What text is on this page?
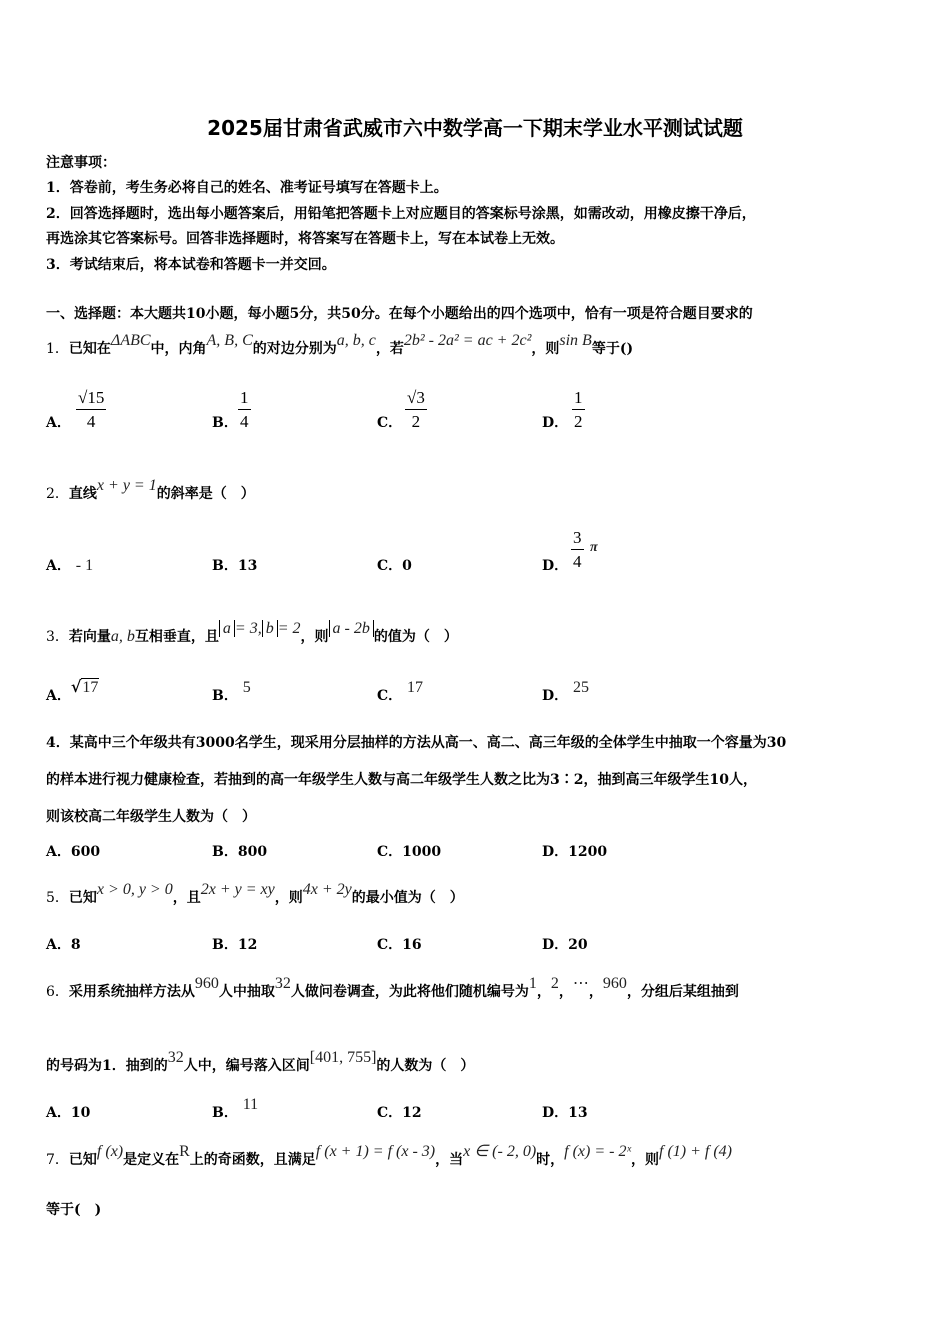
2025届甘肃省武威市六中数学高一下期末学业水平测试试题
注意事项：
1．答卷前，考生务必将自己的姓名、准考证号填写在答题卡上。
2．回答选择题时，选出每小题答案后，用铅笔把答题卡上对应题目的答案标号涂黑，如需改动，用橡皮擦干净后，
再选涂其它答案标号。回答非选择题时，将答案写在答题卡上，写在本试卷上无效。
3．考试结束后，将本试卷和答题卡一并交回。
一、选择题：本大题共10小题，每小题5分，共50分。在每个小题给出的四个选项中，恰有一项是符合题目要求的
1．已知在ΔABC中，内角A, B, C的对边分别为a, b, c，若2b² - 2a² = ac + 2c²，则sin B等于()
A． $\frac{√15}{4}$	B． $\frac{1}{4}$	C． $\frac{√3}{2}$	D． $\frac{1}{2}$
2．直线x + y = 1的斜率是（　）
A． - 1	B．13	C．0	D． $\frac{3}{4}$ π
3．若向量a, b互相垂直，且 a = 3, b = 2，则 a - 2b 的值为（　）
A．√17	B． 5	C． 17	D． 25
4．某高中三个年级共有3000名学生，现采用分层抽样的方法从高一、高二、高三年级的全体学生中抽取一个容量为30
的样本进行视力健康检查，若抽到的高一年级学生人数与高二年级学生人数之比为3∶2，抽到高三年级学生10人，
则该校高二年级学生人数为（　）
A．600	B．800	C．1000	D．1200
5．已知x > 0, y > 0，且2x + y = xy，则4x + 2y的最小值为（　）
A．8	B．12	C．16	D．20
6．采用系统抽样方法从960人中抽取32人做问卷调查，为此将他们随机编号为1，2，⋯，960，分组后某组抽到
的号码为1．抽到的32人中，编号落入区间[401, 755]的人数为（　）
A．10	B． 11	C．12	D．13
7．已知f (x)是定义在R上的奇函数，且满足f (x + 1) = f (x - 3)，当x ∈ (- 2, 0)时，f (x) = - 2ˣ，则f (1) + f (4)
等于(　)
